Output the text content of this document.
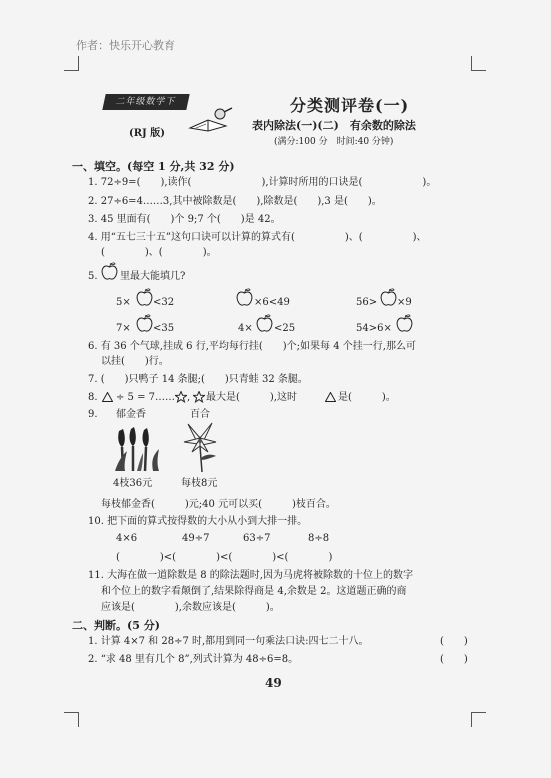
作者：快乐开心教育
二年级数学下
(RJ 版)
分类测评卷(一)
表内除法(一)(二)　有余数的除法
(满分:100 分　时间:40 分钟)
一、填空。(每空 1 分,共 32 分)
1. 72÷9=(　　),读作(　　　　　　　),计算时所用的口诀是(　　　　　　)。
2. 27÷6=4……3,其中被除数是(　　),除数是(　　),3 是(　　)。
3. 45 里面有(　　)个 9;7 个(　　)是 42。
4. 用“五七三十五”这句口诀可以计算的算式有(　　　　　)、(　　　　　)、
(　　　　)、(　　　　)。
5. 里最大能填几?
5× <32	×6<49	56> ×9
7× <35	4× <25	54>6×
6. 有 36 个气球,挂成 6 行,平均每行挂(　　)个;如果每 4 个挂一行,那么可
以挂(　　)行。
7. (　　)只鸭子 14 条腿;(　　)只青蛙 32 条腿。
8. ÷ 5 = 7…… , 最大是(　　　),这时	是(　　　)。
9. 郁金香	百合
4枝36元	每枝8元
每枝郁金香(　　　)元;40 元可以买(　　　)枝百合。
10. 把下面的算式按得数的大小从小到大排一排。
4×6	49÷7	63÷7	8÷8
(　　　　)<(　　　　)<(　　　　)<(　　　　)
11. 大海在做一道除数是 8 的除法题时,因为马虎将被除数的十位上的数字
和个位上的数字看颠倒了,结果除得商是 4,余数是 2。这道题正确的商
应该是(　　　　),余数应该是(　　　)。
二、判断。(5 分)
1. 计算 4×7 和 28÷7 时,都用到同一句乘法口诀:四七二十八。	(　　)
2. “求 48 里有几个 8”,列式计算为 48÷6=8。	(　　)
49
